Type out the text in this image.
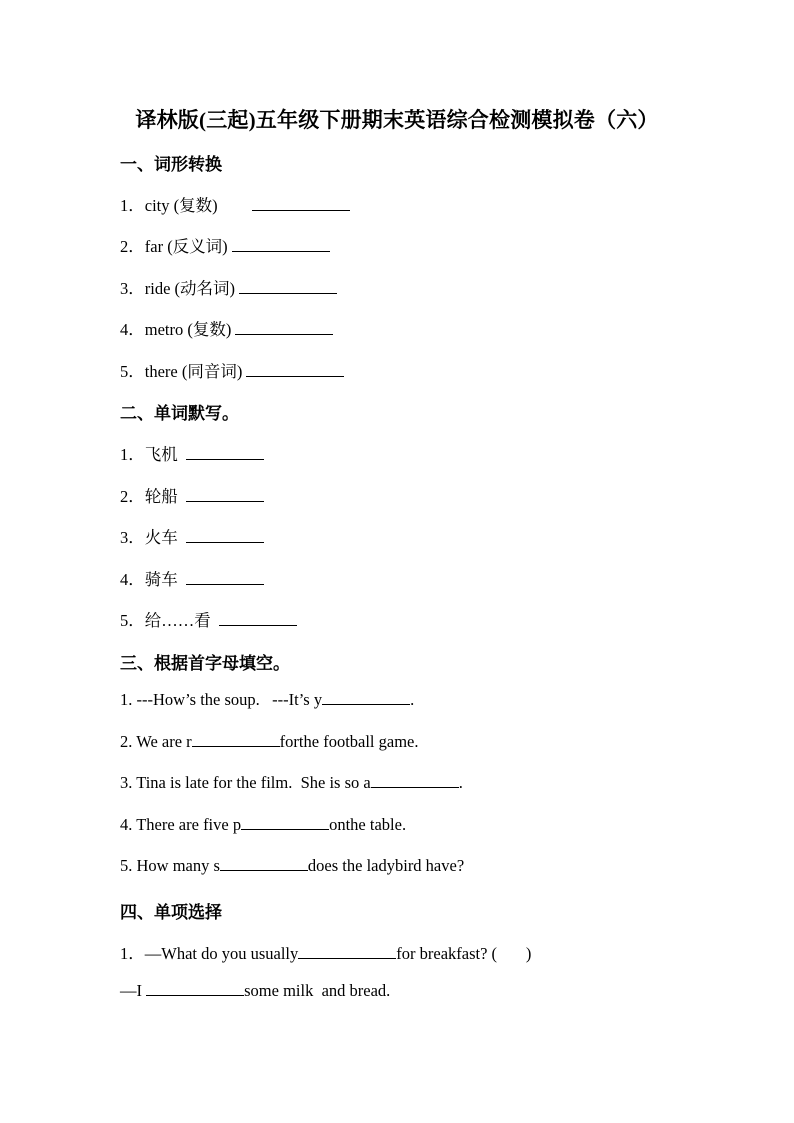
译林版(三起)五年级下册期末英语综合检测模拟卷（六）
一、词形转换
1．city (复数)
2．far (反义词)
3．ride (动名词)
4．metro (复数)
5．there (同音词)
二、单词默写。
1．飞机
2．轮船
3．火车
4．骑车
5．给……看
三、根据首字母填空。
1. ---How’s the soup.   ---It’s y	.
2. We are r	forthe football game.
3. Tina is late for the film.  She is so a	.
4. There are five p	onthe table.
5. How many s	does the ladybird have?
四、单项选择
1．—What do you usually	for breakfast? (       )
—I	some milk  and bread.
